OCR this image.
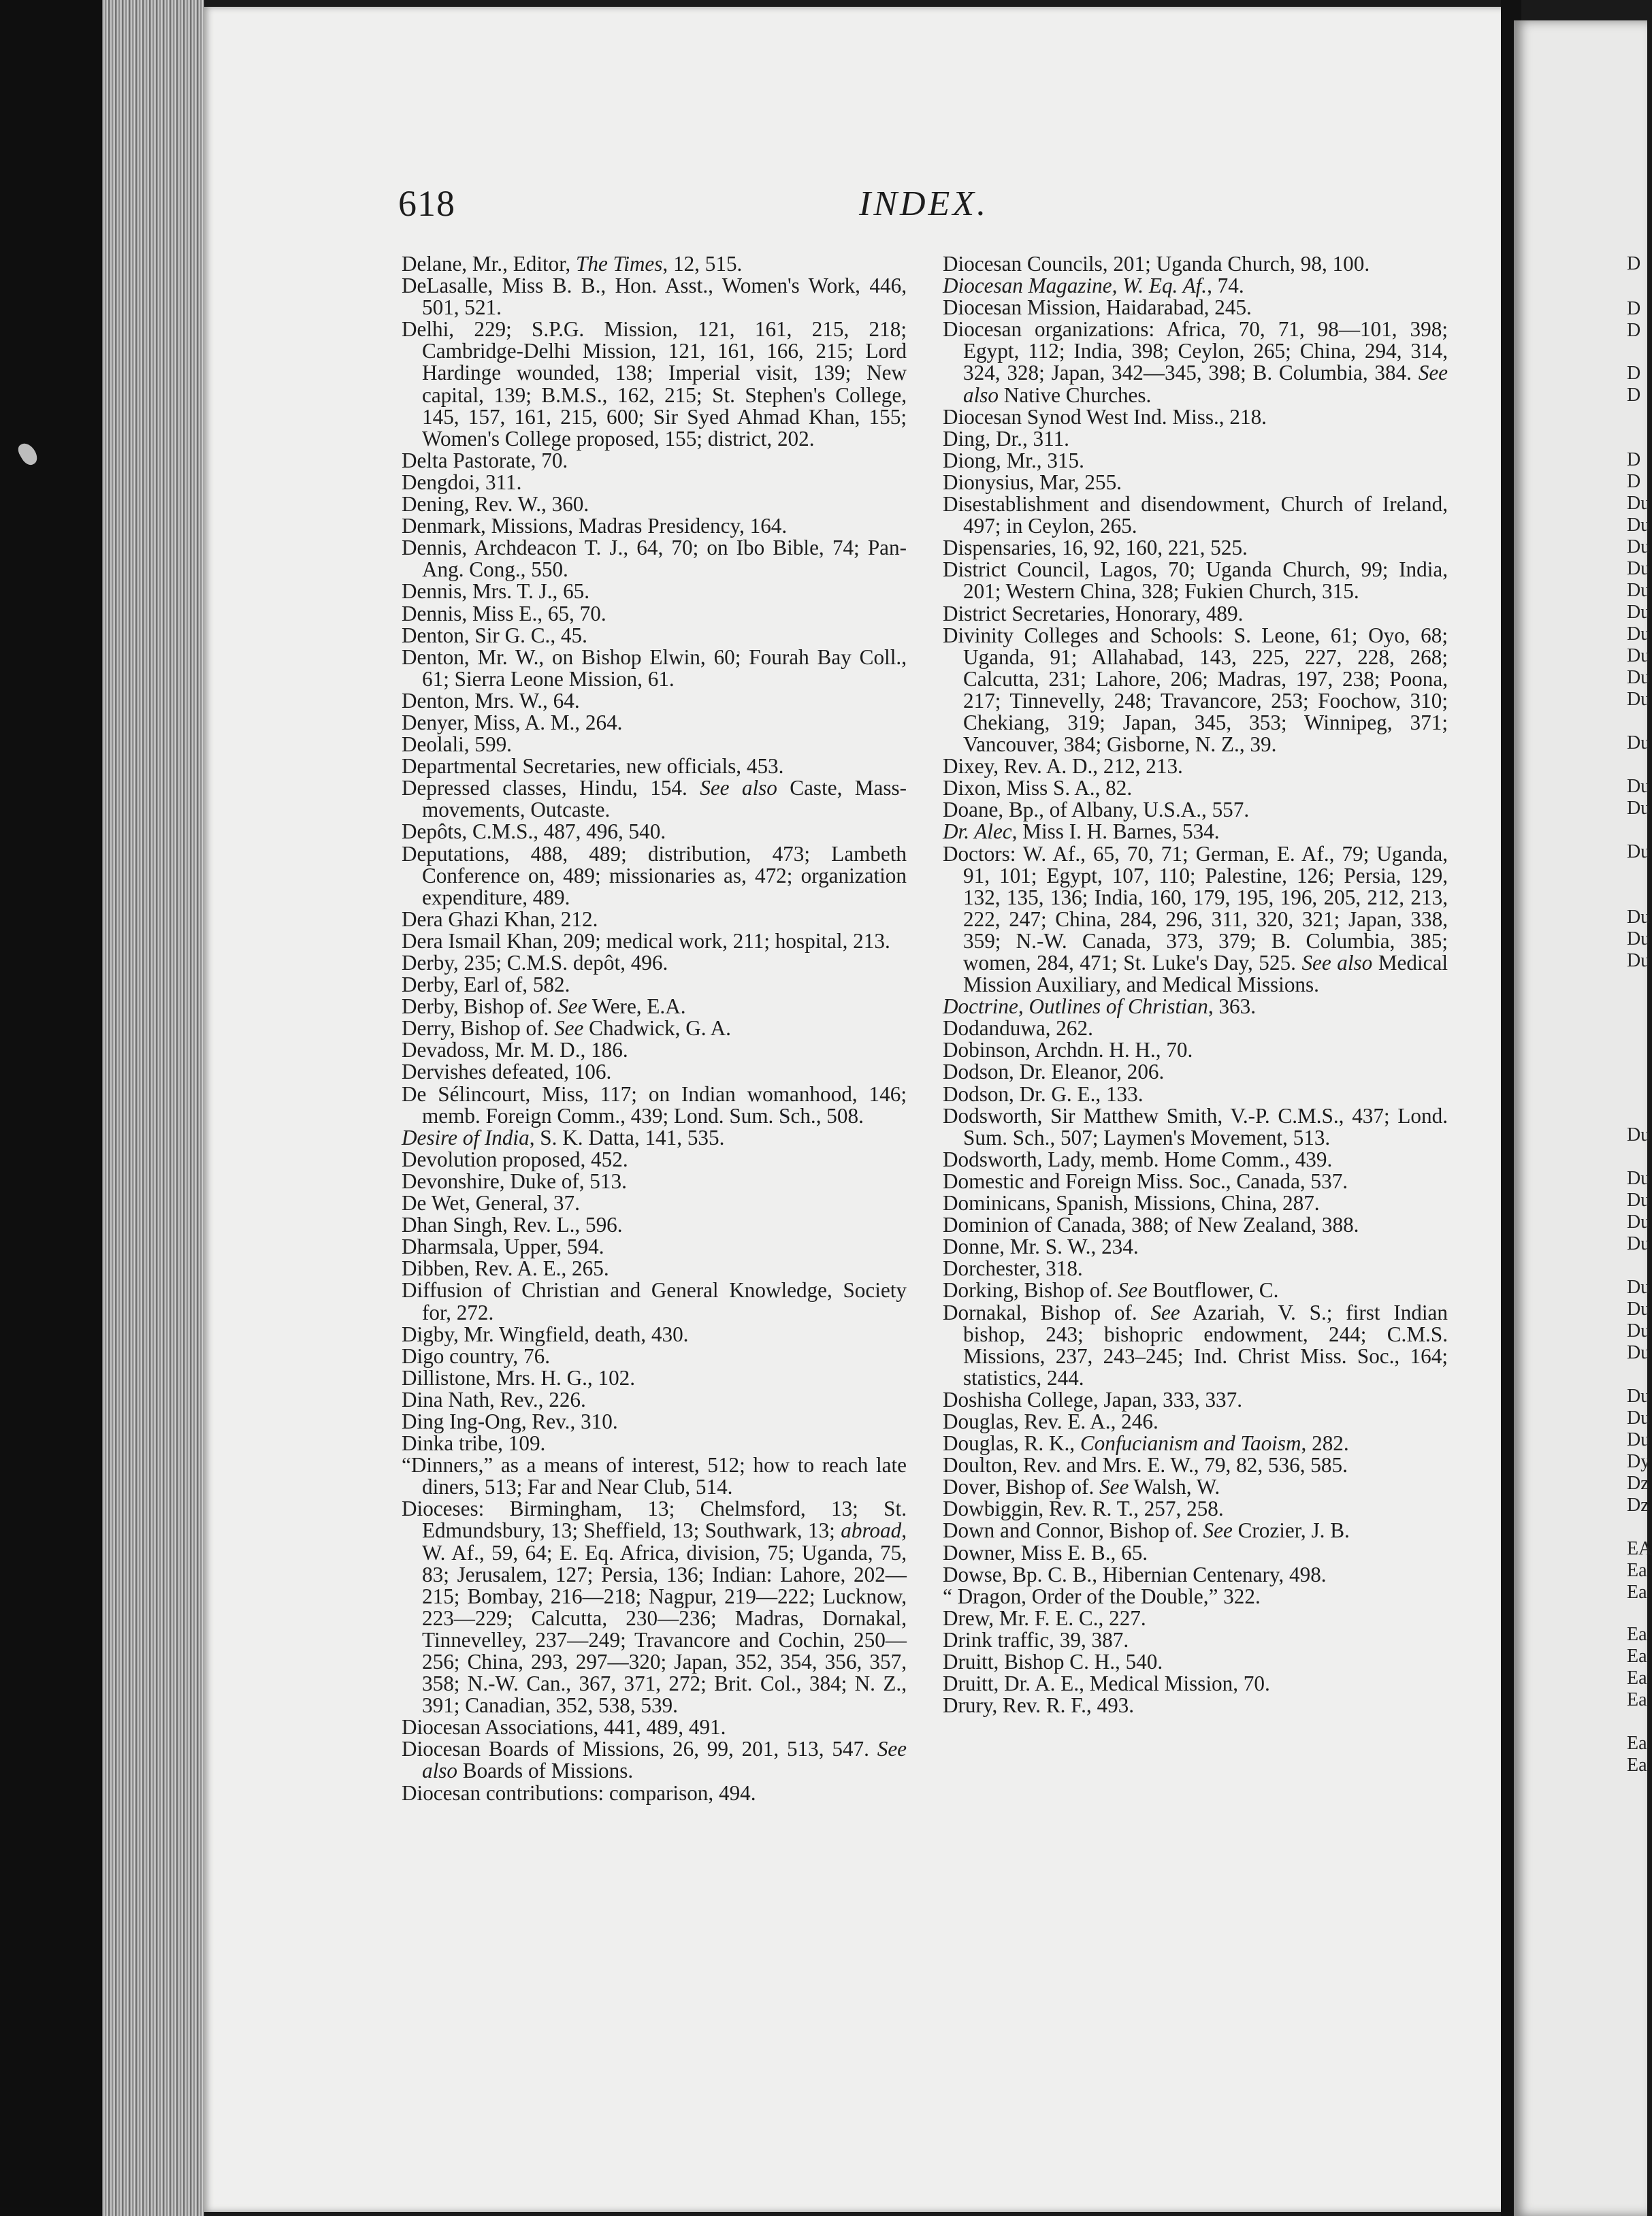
618	INDEX.

Delane, Mr., Editor, The Times, 12, 515.

DeLasalle, Miss B. B., Hon. Asst., Women's Work, 446, 501, 521.

Delhi, 229; S.P.G. Mission, 121, 161, 215, 218; Cambridge-Delhi Mission, 121, 161, 166, 215; Lord Hardinge wounded, 138; Imperial visit, 139; New capital, 139; B.M.S., 162, 215; St. Stephen's College, 145, 157, 161, 215, 600; Sir Syed Ahmad Khan, 155; Women's College proposed, 155; district, 202.

Delta Pastorate, 70.

Dengdoi, 311.

Dening, Rev. W., 360.

Denmark, Missions, Madras Presidency, 164.

Dennis, Archdeacon T. J., 64, 70; on Ibo Bible, 74; Pan-Ang. Cong., 550.

Dennis, Mrs. T. J., 65.

Dennis, Miss E., 65, 70.

Denton, Sir G. C., 45.

Denton, Mr. W., on Bishop Elwin, 60; Fourah Bay Coll., 61; Sierra Leone Mission, 61.

Denton, Mrs. W., 64.

Denyer, Miss, A. M., 264.

Deolali, 599.

Departmental Secretaries, new officials, 453.

Depressed classes, Hindu, 154. See also Caste, Mass-movements, Outcaste.

Depôts, C.M.S., 487, 496, 540.

Deputations, 488, 489; distribution, 473; Lambeth Conference on, 489; missionaries as, 472; organization expenditure, 489.

Dera Ghazi Khan, 212.

Dera Ismail Khan, 209; medical work, 211; hospital, 213.

Derby, 235; C.M.S. depôt, 496.

Derby, Earl of, 582.

Derby, Bishop of. See Were, E.A.

Derry, Bishop of. See Chadwick, G. A.

Devadoss, Mr. M. D., 186.

Dervishes defeated, 106.

De Sélincourt, Miss, 117; on Indian womanhood, 146; memb. Foreign Comm., 439; Lond. Sum. Sch., 508.

Desire of India, S. K. Datta, 141, 535.

Devolution proposed, 452.

Devonshire, Duke of, 513.

De Wet, General, 37.

Dhan Singh, Rev. L., 596.

Dharmsala, Upper, 594.

Dibben, Rev. A. E., 265.

Diffusion of Christian and General Knowledge, Society for, 272.

Digby, Mr. Wingfield, death, 430.

Digo country, 76.

Dillistone, Mrs. H. G., 102.

Dina Nath, Rev., 226.

Ding Ing-Ong, Rev., 310.

Dinka tribe, 109.

“Dinners,” as a means of interest, 512; how to reach late diners, 513; Far and Near Club, 514.

Dioceses: Birmingham, 13; Chelmsford, 13; St. Edmundsbury, 13; Sheffield, 13; Southwark, 13; abroad, W. Af., 59, 64; E. Eq. Africa, division, 75; Uganda, 75, 83; Jerusalem, 127; Persia, 136; Indian: Lahore, 202—215; Bombay, 216—218; Nagpur, 219—222; Lucknow, 223—229; Calcutta, 230—236; Madras, Dornakal, Tinnevelley, 237—249; Travancore and Cochin, 250—256; China, 293, 297—320; Japan, 352, 354, 356, 357, 358; N.-W. Can., 367, 371, 272; Brit. Col., 384; N. Z., 391; Canadian, 352, 538, 539.

Diocesan Associations, 441, 489, 491.

Diocesan Boards of Missions, 26, 99, 201, 513, 547. See also Boards of Missions.

Diocesan contributions: comparison, 494.

Diocesan Councils, 201; Uganda Church, 98, 100.

Diocesan Magazine, W. Eq. Af., 74.

Diocesan Mission, Haidarabad, 245.

Diocesan organizations: Africa, 70, 71, 98—101, 398; Egypt, 112; India, 398; Ceylon, 265; China, 294, 314, 324, 328; Japan, 342—345, 398; B. Columbia, 384. See also Native Churches.

Diocesan Synod West Ind. Miss., 218.

Ding, Dr., 311.

Diong, Mr., 315.

Dionysius, Mar, 255.

Disestablishment and disendowment, Church of Ireland, 497; in Ceylon, 265.

Dispensaries, 16, 92, 160, 221, 525.

District Council, Lagos, 70; Uganda Church, 99; India, 201; Western China, 328; Fukien Church, 315.

District Secretaries, Honorary, 489.

Divinity Colleges and Schools: S. Leone, 61; Oyo, 68; Uganda, 91; Allahabad, 143, 225, 227, 228, 268; Calcutta, 231; Lahore, 206; Madras, 197, 238; Poona, 217; Tinnevelly, 248; Travancore, 253; Foochow, 310; Chekiang, 319; Japan, 345, 353; Winnipeg, 371; Vancouver, 384; Gisborne, N. Z., 39.

Dixey, Rev. A. D., 212, 213.

Dixon, Miss S. A., 82.

Doane, Bp., of Albany, U.S.A., 557.

Dr. Alec, Miss I. H. Barnes, 534.

Doctors: W. Af., 65, 70, 71; German, E. Af., 79; Uganda, 91, 101; Egypt, 107, 110; Palestine, 126; Persia, 129, 132, 135, 136; India, 160, 179, 195, 196, 205, 212, 213, 222, 247; China, 284, 296, 311, 320, 321; Japan, 338, 359; N.-W. Canada, 373, 379; B. Columbia, 385; women, 284, 471; St. Luke's Day, 525. See also Medical Mission Auxiliary, and Medical Missions.

Doctrine, Outlines of Christian, 363.

Dodanduwa, 262.

Dobinson, Archdn. H. H., 70.

Dodson, Dr. Eleanor, 206.

Dodson, Dr. G. E., 133.

Dodsworth, Sir Matthew Smith, V.-P. C.M.S., 437; Lond. Sum. Sch., 507; Laymen's Movement, 513.

Dodsworth, Lady, memb. Home Comm., 439.

Domestic and Foreign Miss. Soc., Canada, 537.

Dominicans, Spanish, Missions, China, 287.

Dominion of Canada, 388; of New Zealand, 388.

Donne, Mr. S. W., 234.

Dorchester, 318.

Dorking, Bishop of. See Boutflower, C.

Dornakal, Bishop of. See Azariah, V. S.; first Indian bishop, 243; bishopric endowment, 244; C.M.S. Missions, 237, 243–245; Ind. Christ Miss. Soc., 164; statistics, 244.

Doshisha College, Japan, 333, 337.

Douglas, Rev. E. A., 246.

Douglas, R. K., Confucianism and Taoism, 282.

Doulton, Rev. and Mrs. E. W., 79, 82, 536, 585.

Dover, Bishop of. See Walsh, W.

Dowbiggin, Rev. R. T., 257, 258.

Down and Connor, Bishop of. See Crozier, J. B.

Downer, Miss E. B., 65.

Dowse, Bp. C. B., Hibernian Centenary, 498.

“ Dragon, Order of the Double,” 322.

Drew, Mr. F. E. C., 227.

Drink traffic, 39, 387.

Druitt, Bishop C. H., 540.

Druitt, Dr. A. E., Medical Mission, 70.

Drury, Rev. R. F., 493.

D
D
D
D
D
D
D
Du
Du
Du
Du
Du
Du
Du
Du
Du
Du
Du
Du
Du
Du
Du
Du
Du
Du
Du
Du
Du
Du
Du
Du
Du
Du
Du
Du
Du
Dy
Dz
Dz
EA
Ea
Ea
Ea
Ea
Ea
Ea
Ea
Ea
